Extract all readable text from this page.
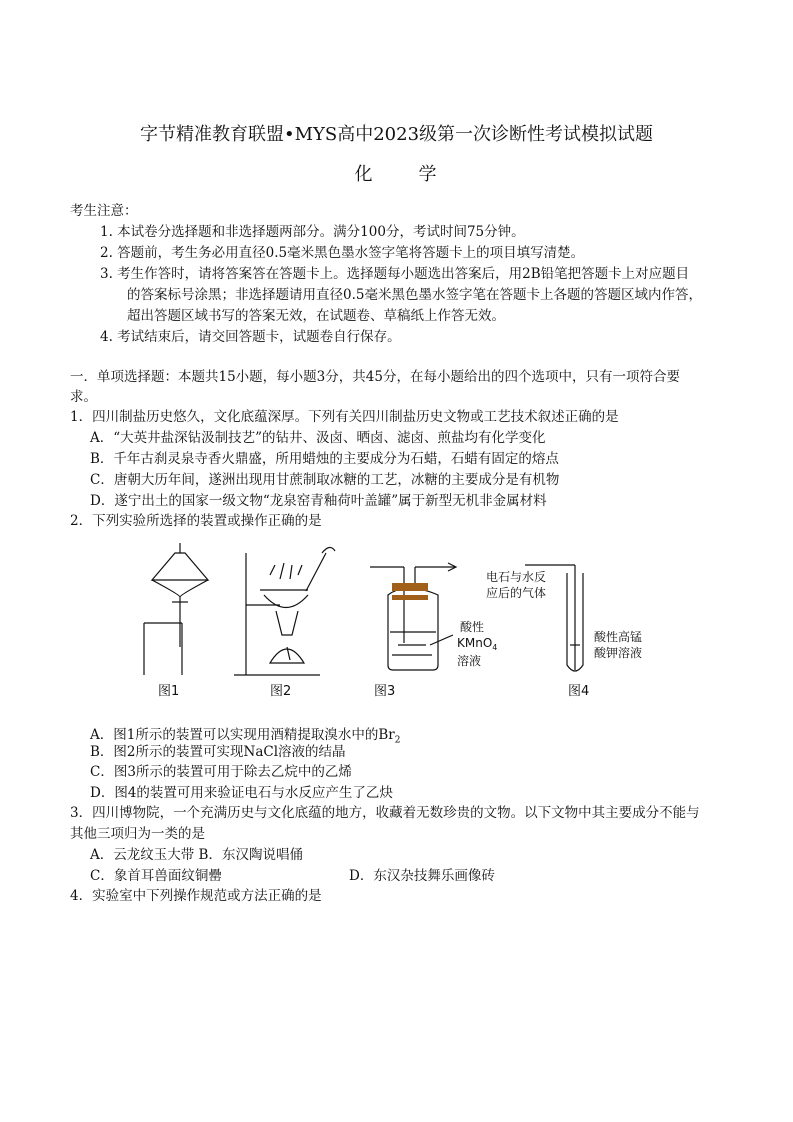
字节精准教育联盟•MYS高中2023级第一次诊断性考试模拟试题
化 学
考生注意：
1. 本试卷分选择题和非选择题两部分。满分100分，考试时间75分钟。
2. 答题前，考生务必用直径0.5毫米黑色墨水签字笔将答题卡上的项目填写清楚。
3. 考生作答时，请将答案答在答题卡上。选择题每小题选出答案后，用2B铅笔把答题卡上对应题目
的答案标号涂黑；非选择题请用直径0.5毫米黑色墨水签字笔在答题卡上各题的答题区域内作答，
超出答题区域书写的答案无效，在试题卷、草稿纸上作答无效。
4. 考试结束后，请交回答题卡，试题卷自行保存。
一．单项选择题：本题共15小题，每小题3分，共45分，在每小题给出的四个选项中，只有一项符合要
求。
1．四川制盐历史悠久，文化底蕴深厚。下列有关四川制盐历史文物或工艺技术叙述正确的是
A．“大英井盐深钻汲制技艺”的钻井、汲卤、晒卤、滤卤、煎盐均有化学变化
B．千年古刹灵泉寺香火鼎盛，所用蜡烛的主要成分为石蜡，石蜡有固定的熔点
C．唐朝大历年间，遂洲出现用甘蔗制取冰糖的工艺，冰糖的主要成分是有机物
D．遂宁出土的国家一级文物“龙泉窑青釉荷叶盖罐”属于新型无机非金属材料
2．下列实验所选择的装置或操作正确的是
图1	图2
酸性
KMnO$_4$
溶液
图3
电石与水反
应后的气体
酸性高锰
酸钾溶液
图4
A．图1所示的装置可以实现用酒精提取溴水中的$Br_2$
B．图2所示的装置可实现NaCl溶液的结晶
C．图3所示的装置可用于除去乙烷中的乙烯
D．图4的装置可用来验证电石与水反应产生了乙炔
3．四川博物院，一个充满历史与文化底蕴的地方，收藏着无数珍贵的文物。以下文物中其主要成分不能与
其他三项归为一类的是
A．云龙纹玉大带 B．东汉陶说唱俑
C．象首耳兽面纹铜罍	D．东汉杂技舞乐画像砖
4．实验室中下列操作规范或方法正确的是
